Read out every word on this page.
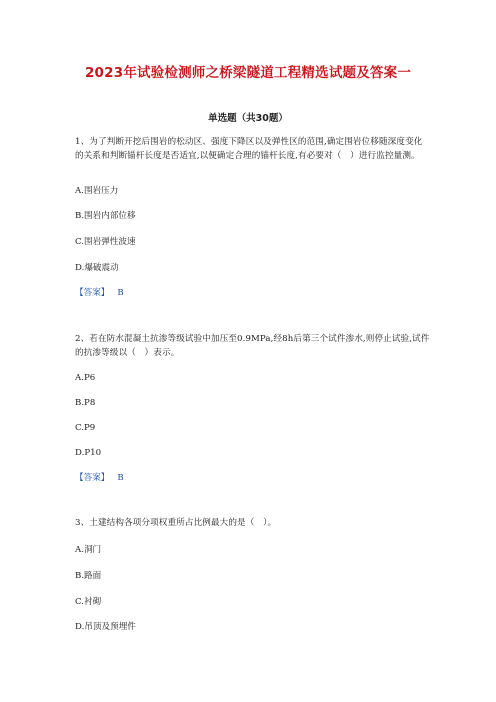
2023年试验检测师之桥梁隧道工程精选试题及答案一
单选题（共30题）
1、为了判断开挖后围岩的松动区、强度下降区以及弹性区的范围,确定围岩位移随深度变化的关系和判断锚杆长度是否适宜,以便确定合理的锚杆长度,有必要对（　）进行监控量测。
A.围岩压力
B.围岩内部位移
C.围岩弹性波速
D.爆破震动
【答案】 B
2、若在防水混凝土抗渗等级试验中加压至0.9MPa,经8h后第三个试件渗水,则停止试验,试件的抗渗等级以（　）表示。
A.P6
B.P8
C.P9
D.P10
【答案】 B
3、土建结构各项分项权重所占比例最大的是（　）。
A.洞门
B.路面
C.衬砌
D.吊顶及预埋件
